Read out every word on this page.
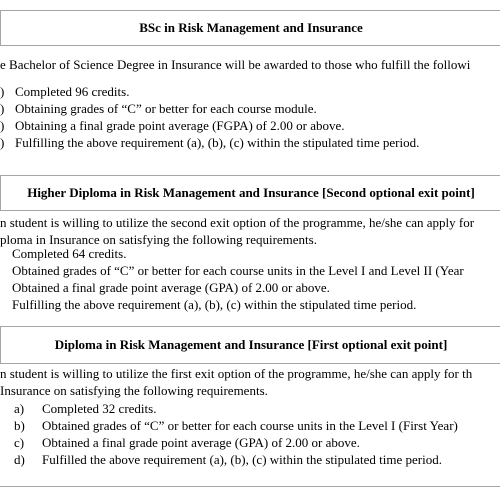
BSc in Risk Management and Insurance
e Bachelor of Science Degree in Insurance will be awarded to those who fulfill the followi
) Completed 96 credits.
) Obtaining grades of “C” or better for each course module.
) Obtaining a final grade point average (FGPA) of 2.00 or above.
) Fulfilling the above requirement (a), (b), (c) within the stipulated time period.
Higher Diploma in Risk Management and Insurance [Second optional exit point]
n student is willing to utilize the second exit option of the programme, he/she can apply for
ploma in Insurance on satisfying the following requirements.
Completed 64 credits.
Obtained grades of “C” or better for each course units in the Level I and Level II (Year
Obtained a final grade point average (GPA) of 2.00 or above.
Fulfilling the above requirement (a), (b), (c) within the stipulated time period.
Diploma in Risk Management and Insurance [First optional exit point]
n student is willing to utilize the first exit option of the programme, he/she can apply for th
Insurance on satisfying the following requirements.
a) Completed 32 credits.
b) Obtained grades of “C” or better for each course units in the Level I (First Year)
c) Obtained a final grade point average (GPA) of 2.00 or above.
d) Fulfilled the above requirement (a), (b), (c) within the stipulated time period.
